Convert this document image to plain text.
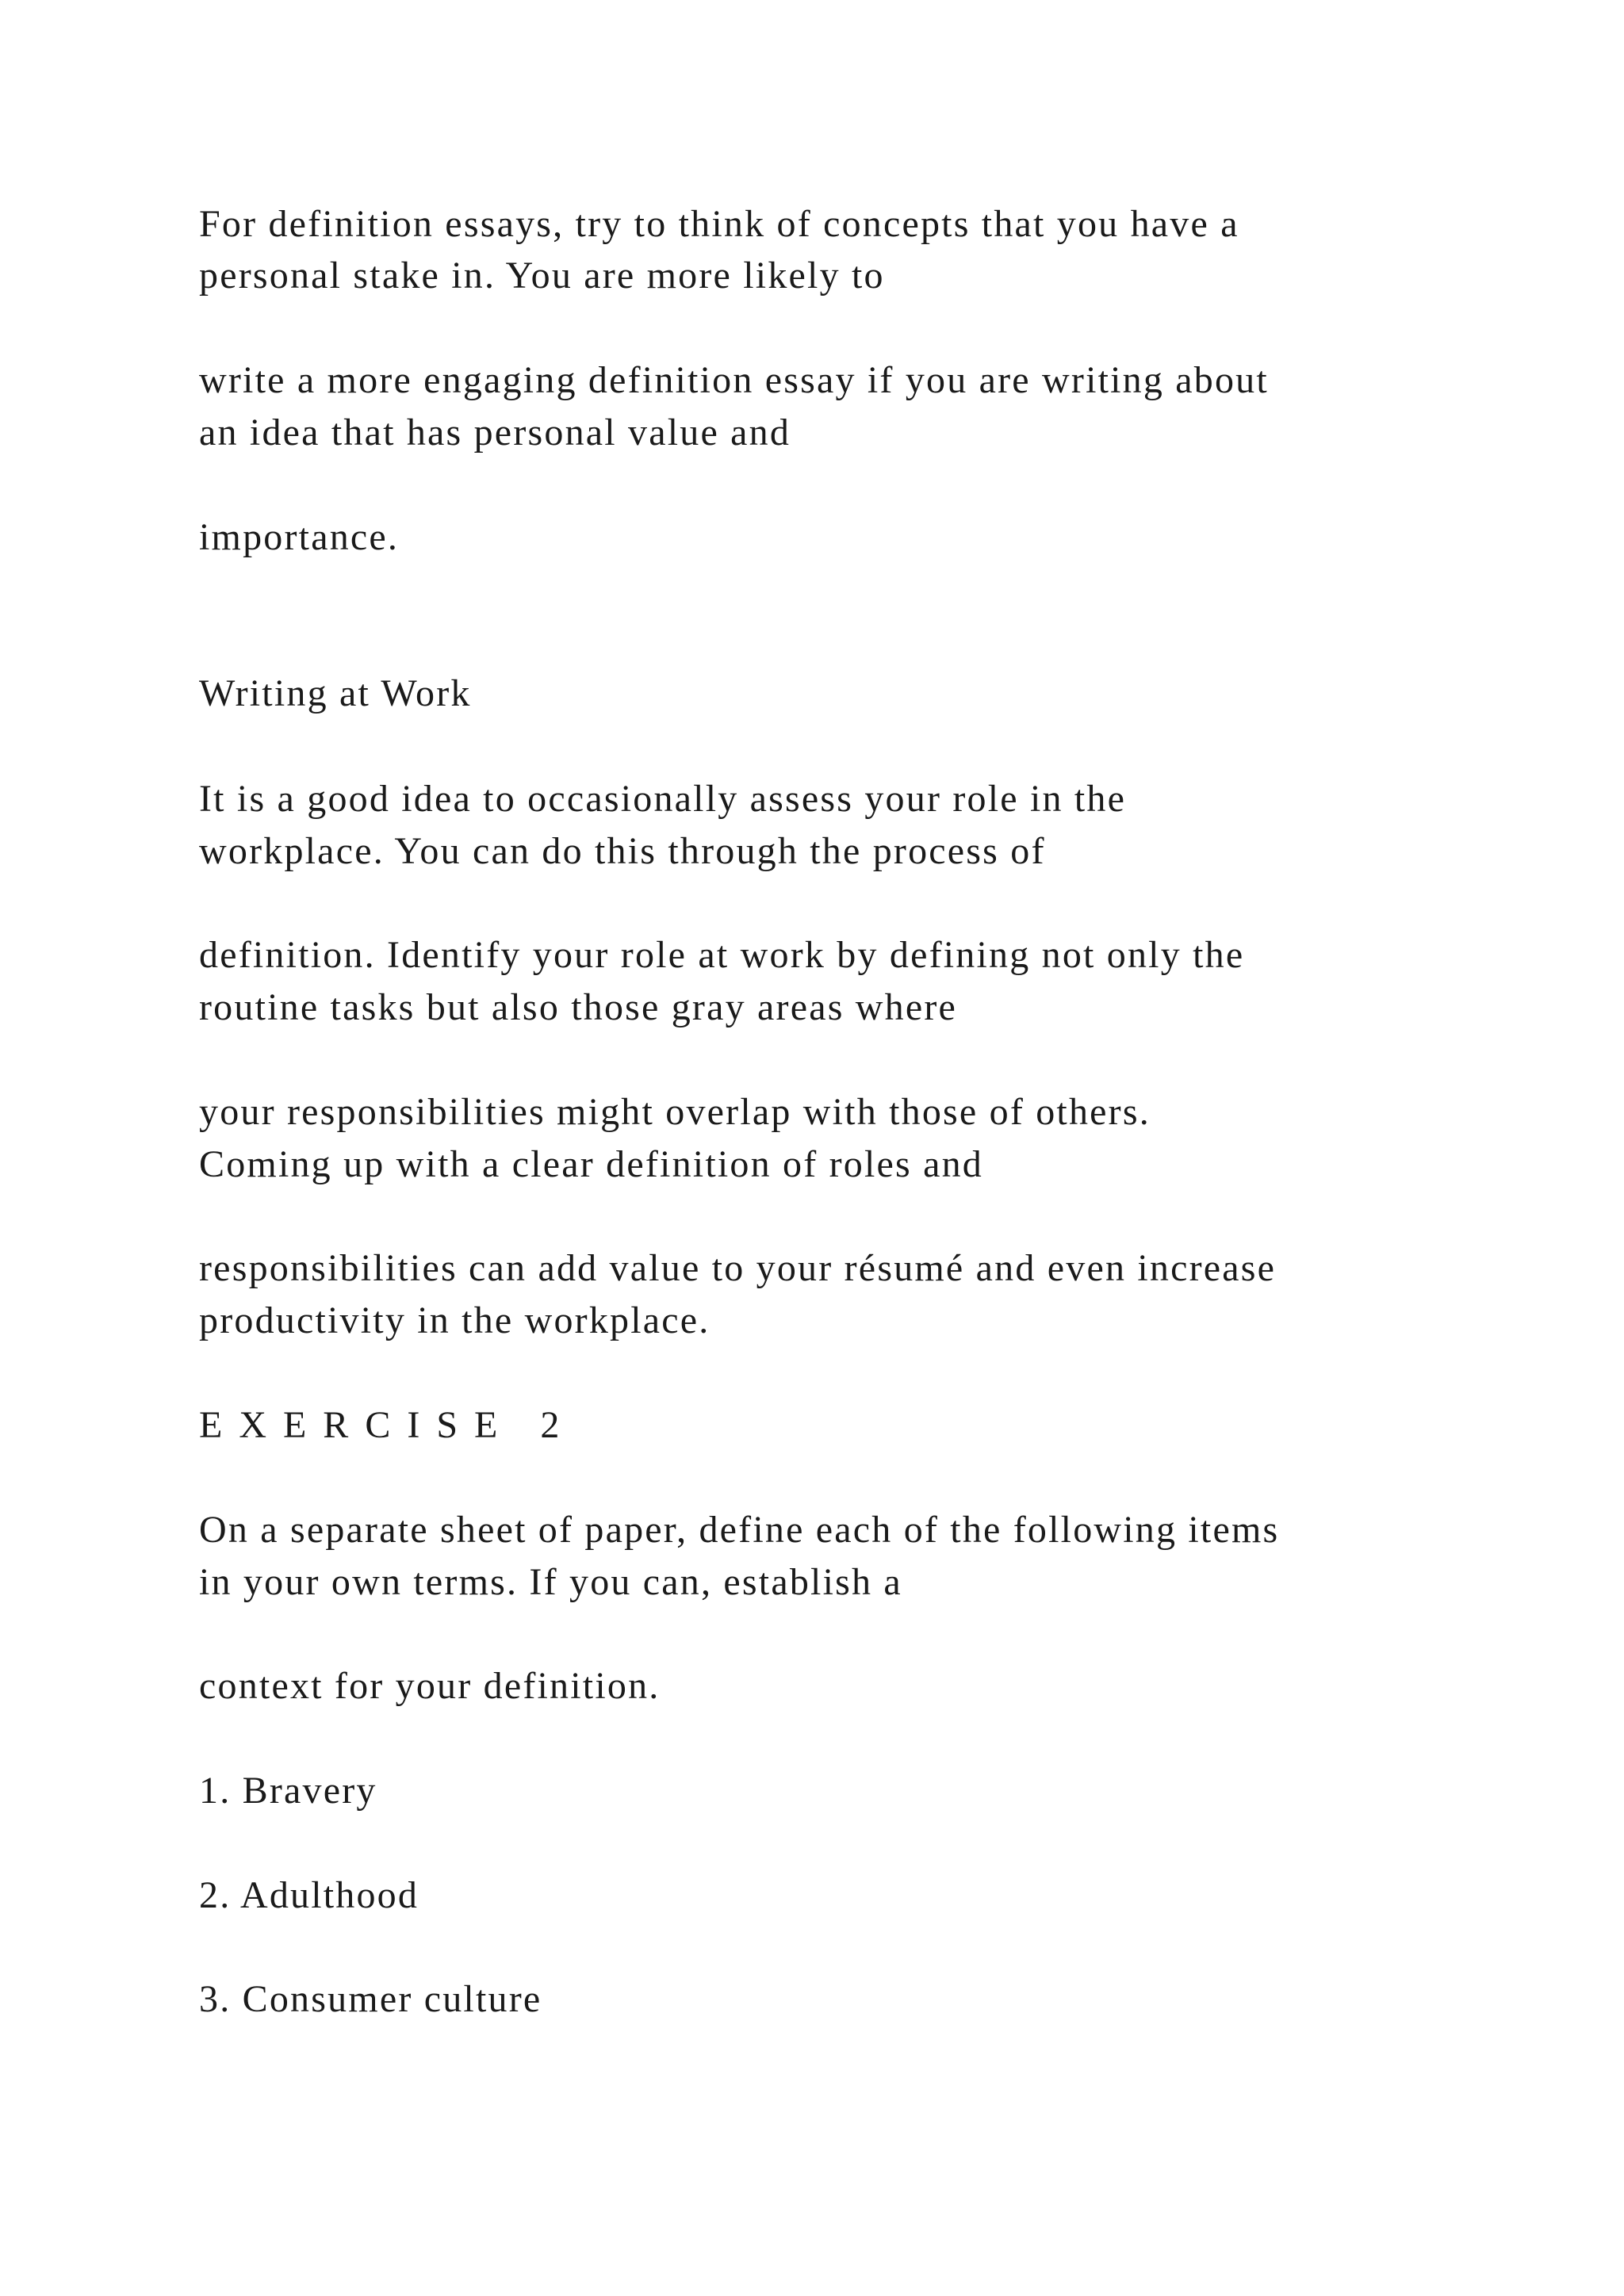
For definition essays, try to think of concepts that you have a

personal stake in. You are more likely to

write a more engaging definition essay if you are writing about

an idea that has personal value and

importance.

Writing at Work

It is a good idea to occasionally assess your role in the

workplace. You can do this through the process of

definition. Identify your role at work by defining not only the

routine tasks but also those gray areas where

your responsibilities might overlap with those of others.

Coming up with a clear definition of roles and

responsibilities can add value to your résumé and even increase

productivity in the workplace.

EXERCISE 2

On a separate sheet of paper, define each of the following items

in your own terms. If you can, establish a

context for your definition.

1. Bravery

2. Adulthood

3. Consumer culture
